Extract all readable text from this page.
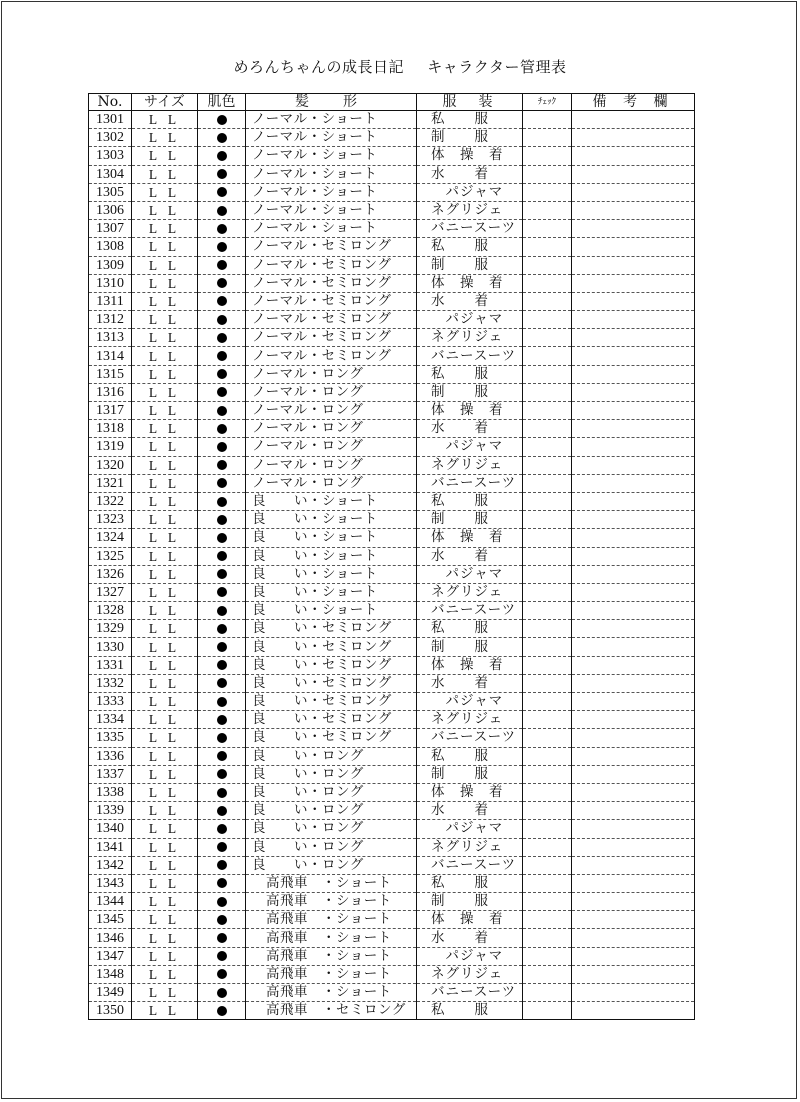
めろんちゃんの成長日記 キャラクター管理表
No.	サイズ	肌色	髪　形	服　装	ﾁｪｯｸ	備 考 欄
1301	L L		ノーマル・ショート	私　　服		
1302	L L		ノーマル・ショート	制　　服		
1303	L L		ノーマル・ショート	体　操　着		
1304	L L		ノーマル・ショート	水　　着		
1305	L L		ノーマル・ショート	　パジャマ		
1306	L L		ノーマル・ショート	ネグリジェ		
1307	L L		ノーマル・ショート	バニースーツ		
1308	L L		ノーマル・セミロング	私　　服		
1309	L L		ノーマル・セミロング	制　　服		
1310	L L		ノーマル・セミロング	体　操　着		
1311	L L		ノーマル・セミロング	水　　着		
1312	L L		ノーマル・セミロング	　パジャマ		
1313	L L		ノーマル・セミロング	ネグリジェ		
1314	L L		ノーマル・セミロング	バニースーツ		
1315	L L		ノーマル・ロング	私　　服		
1316	L L		ノーマル・ロング	制　　服		
1317	L L		ノーマル・ロング	体　操　着		
1318	L L		ノーマル・ロング	水　　着		
1319	L L		ノーマル・ロング	　パジャマ		
1320	L L		ノーマル・ロング	ネグリジェ		
1321	L L		ノーマル・ロング	バニースーツ		
1322	L L		良　　い・ショート	私　　服		
1323	L L		良　　い・ショート	制　　服		
1324	L L		良　　い・ショート	体　操　着		
1325	L L		良　　い・ショート	水　　着		
1326	L L		良　　い・ショート	　パジャマ		
1327	L L		良　　い・ショート	ネグリジェ		
1328	L L		良　　い・ショート	バニースーツ		
1329	L L		良　　い・セミロング	私　　服		
1330	L L		良　　い・セミロング	制　　服		
1331	L L		良　　い・セミロング	体　操　着		
1332	L L		良　　い・セミロング	水　　着		
1333	L L		良　　い・セミロング	　パジャマ		
1334	L L		良　　い・セミロング	ネグリジェ		
1335	L L		良　　い・セミロング	バニースーツ		
1336	L L		良　　い・ロング	私　　服		
1337	L L		良　　い・ロング	制　　服		
1338	L L		良　　い・ロング	体　操　着		
1339	L L		良　　い・ロング	水　　着		
1340	L L		良　　い・ロング	　パジャマ		
1341	L L		良　　い・ロング	ネグリジェ		
1342	L L		良　　い・ロング	バニースーツ		
1343	L L		　高飛車　・ショート	私　　服		
1344	L L		　高飛車　・ショート	制　　服		
1345	L L		　高飛車　・ショート	体　操　着		
1346	L L		　高飛車　・ショート	水　　着		
1347	L L		　高飛車　・ショート	　パジャマ		
1348	L L		　高飛車　・ショート	ネグリジェ		
1349	L L		　高飛車　・ショート	バニースーツ		
1350	L L		　高飛車　・セミロング	私　　服		
